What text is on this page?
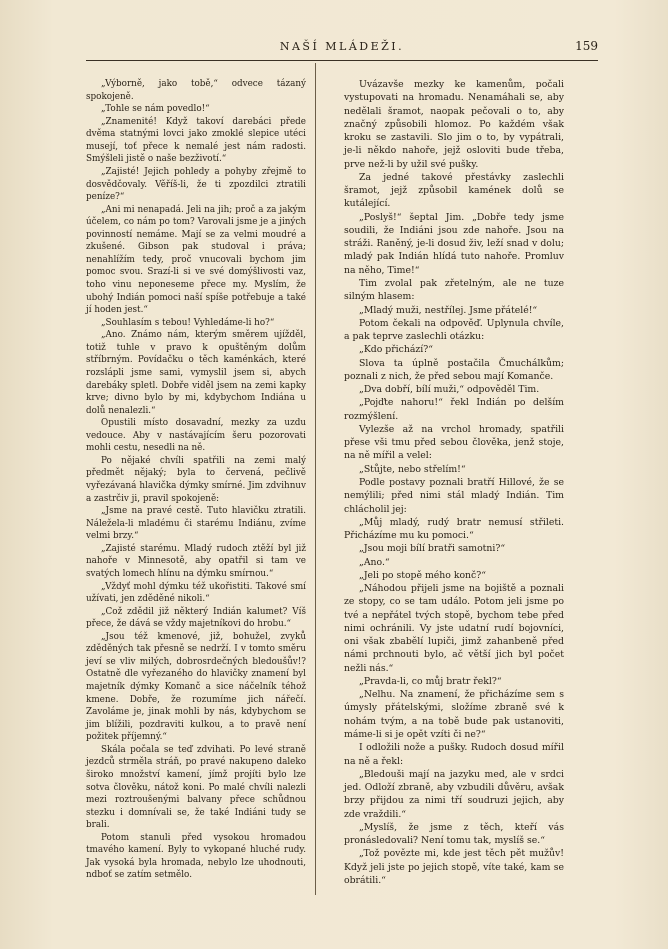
NAŠÍ MLÁDEŽI.	159

„Výborně, jako tobě,“ odvece tázaný spokojeně.

„Tohle se nám povedlo!“

„Znamenité! Když takoví darebáci přede dvěma statnými lovci jako zmoklé slepice utéci musejí, toť přece k nemalé jest nám radosti. Smýšleli jistě o naše bezživotí.“

„Zajisté! Jejich pohledy a pohyby zřejmě to dosvědčovaly. Věříš-li, že ti zpozdilci ztratili peníze?“

„Ani mi nenapadá. Jeli na jih; proč a za jakým účelem, co nám po tom? Varovali jsme je a jiných povinností nemáme. Mají se za velmi moudré a zkušené. Gibson pak studoval i práva; nenahlížím tedy, proč vnucovali bychom jim pomoc svou. Srazí-li si ve své domýšlivosti vaz, toho vinu neponeseme přece my. Myslím, že ubohý Indián pomoci naší spíše potřebuje a také jí hoden jest.“

„Souhlasím s tebou! Vyhledáme-li ho?“

„Ano. Známo nám, kterým směrem ujížděl, totiž tuhle v pravo k opuštěným dolům stříbrným. Povídačku o těch kaménkách, které rozslápli jsme sami, vymyslil jsem si, abych darebáky spletl. Dobře viděl jsem na zemi kapky krve; divno bylo by mi, kdybychom Indiána u dolů nenalezli.“

Opustili místo dosavadní, mezky za uzdu vedouce. Aby v nastávajícím šeru pozorovati mohli cestu, nesedli na ně.

Po nějaké chvíli spatřili na zemi malý předmět nějaký; byla to červená, pečlivě vyřezávaná hlavička dýmky smírné. Jim zdvihnuv a zastrčiv ji, pravil spokojeně:

„Jsme na pravé cestě. Tuto hlavičku ztratili. Náležela-li mladému či starému Indiánu, zvíme velmi brzy.“

„Zajisté starému. Mladý rudoch ztěží byl již nahoře v Minnesotě, aby opatřil si tam ve svatých lomech hlínu na dýmku smírnou.“

„Vždyť mohl dýmku též ukořistiti. Takové smí užívati, jen zděděné nikoli.“

„Což zdědil již některý Indián kalumet? Víš přece, že dává se vždy majetníkovi do hrobu.“

„Jsou též kmenové, již, bohužel, zvyků zděděných tak přesně se nedrží. I v tomto směru jeví se vliv milých, dobrosrdečných bledoušův!? Ostatně dle vyřezaného do hlavičky znamení byl majetník dýmky Komanč a sice náčelník téhož kmene. Dobře, že rozumíme jich nářečí. Zavoláme je, jinak mohli by nás, kdybychom se jim blížili, pozdraviti kulkou, a to pravě není požitek příjemný.“

Skála počala se teď zdvihati. Po levé straně jezdců strměla stráň, po pravé nakupeno daleko široko množství kamení, jímž projíti bylo lze sotva člověku, nátož koni. Po malé chvíli nalezli mezi roztroušenými balvany přece schůdnou stezku i domnívali se, že také Indiáni tudy se brali.

Potom stanuli před vysokou hromadou tmavého kamení. Byly to vykopané hluché rudy. Jak vysoká byla hromada, nebylo lze uhodnouti, ndboť se zatím setmělo.

Uvázavše mezky ke kamenům, počali vystupovati na hromadu. Nenamáhali se, aby nedělali šramot, naopak pečovali o to, aby značný způsobili hlomoz. Po každém však kroku se zastavili. Slo jim o to, by vypátrali, je-li někdo nahoře, jejž osloviti bude třeba, prve než-li by užil své pušky.

Za jedné takové přestávky zaslechli šramot, jejž způsobil kamének dolů se kutálející.

„Poslyš!“ šeptal Jim. „Dobře tedy jsme soudili, že Indiáni jsou zde nahoře. Jsou na stráži. Raněný, je-li dosud živ, leží snad v dolu; mladý pak Indián hlídá tuto nahoře. Promluv na něho, Time!“

Tim zvolal pak zřetelným, ale ne tuze silným hlasem:

„Mladý muži, nestřílej. Jsme přátelé!“

Potom čekali na odpověď. Uplynula chvíle, a pak teprve zaslechli otázku:

„Kdo přichází?“

Slova ta úplně postačila Čmuchálkům; poznali z nich, že před sebou mají Komanče.

„Dva dobří, bílí muži,“ odpověděl Tim.

„Pojďte nahoru!“ řekl Indián po delším rozmýšlení.

Vylezše až na vrchol hromady, spatřili přese vši tmu před sebou člověka, jenž stoje, na ně mířil a velel:

„Stůjte, nebo střelím!“

Podle postavy poznali bratří Hillové, že se nemýlili; před nimi stál mladý Indián. Tim chlácholil jej:

„Můj mladý, rudý bratr nemusí střileti. Přicházíme mu ku pomoci.“

„Jsou moji bílí bratři samotni?“

„Ano.“

„Jeli po stopě mého konč?“

„Náhodou přijeli jsme na bojiště a poznali ze stopy, co se tam událo. Potom jeli jsme po tvé a nepřátel tvých stopě, bychom tebe před nimi ochránili. Vy jste udatní rudí bojovníci, oni však zbabělí lupiči, jimž zahanbeně před námi prchnouti bylo, ač větší jich byl počet nežli nás.“

„Pravda-li, co můj bratr řekl?“

„Nelhu. Na znamení, že přicházíme sem s úmysly přátelskými, složíme zbraně své k nohám tvým, a na tobě bude pak ustanoviti, máme-li si je opět vzíti či ne?“

I odložili nože a pušky. Rudoch dosud mířil na ně a řekl:

„Bledouši mají na jazyku med, ale v srdci jed. Odloží zbraně, aby vzbudili důvěru, avšak brzy přijdou za nimi tří soudruzi jejich, aby zde vraždili.“

„Myslíš, že jsme z těch, kteří vás pronásledovali? Není tomu tak, myslíš se.“

„Tož povězte mi, kde jest těch pět mužův! Když jeli jste po jejich stopě, víte také, kam se obrátili.“
